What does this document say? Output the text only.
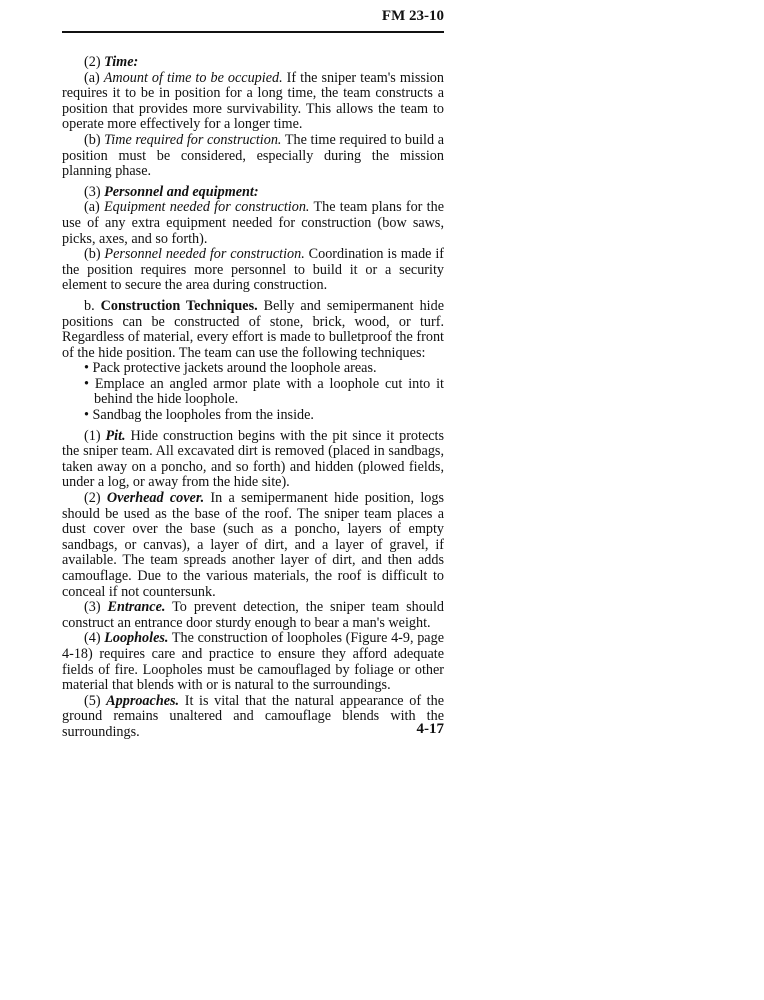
FM 23-10

(2) Time:

(a) Amount of time to be occupied. If the sniper team's mission requires it to be in position for a long time, the team constructs a position that provides more survivability. This allows the team to operate more effectively for a longer time.

(b) Time required for construction. The time required to build a position must be considered, especially during the mission planning phase.

(3) Personnel and equipment:

(a) Equipment needed for construction. The team plans for the use of any extra equipment needed for construction (bow saws, picks, axes, and so forth).

(b) Personnel needed for construction. Coordination is made if the position requires more personnel to build it or a security element to secure the area during construction.

b. Construction Techniques. Belly and semipermanent hide positions can be constructed of stone, brick, wood, or turf. Regardless of material, every effort is made to bulletproof the front of the hide position. The team can use the following techniques:

• Pack protective jackets around the loophole areas.

• Emplace an angled armor plate with a loophole cut into it behind the hide loophole.

• Sandbag the loopholes from the inside.

(1) Pit. Hide construction begins with the pit since it protects the sniper team. All excavated dirt is removed (placed in sandbags, taken away on a poncho, and so forth) and hidden (plowed fields, under a log, or away from the hide site).

(2) Overhead cover. In a semipermanent hide position, logs should be used as the base of the roof. The sniper team places a dust cover over the base (such as a poncho, layers of empty sandbags, or canvas), a layer of dirt, and a layer of gravel, if available. The team spreads another layer of dirt, and then adds camouflage. Due to the various materials, the roof is difficult to conceal if not countersunk.

(3) Entrance. To prevent detection, the sniper team should construct an entrance door sturdy enough to bear a man's weight.

(4) Loopholes. The construction of loopholes (Figure 4-9, page 4-18) requires care and practice to ensure they afford adequate fields of fire. Loopholes must be camouflaged by foliage or other material that blends with or is natural to the surroundings.

(5) Approaches. It is vital that the natural appearance of the ground remains unaltered and camouflage blends with the surroundings.	4-17
